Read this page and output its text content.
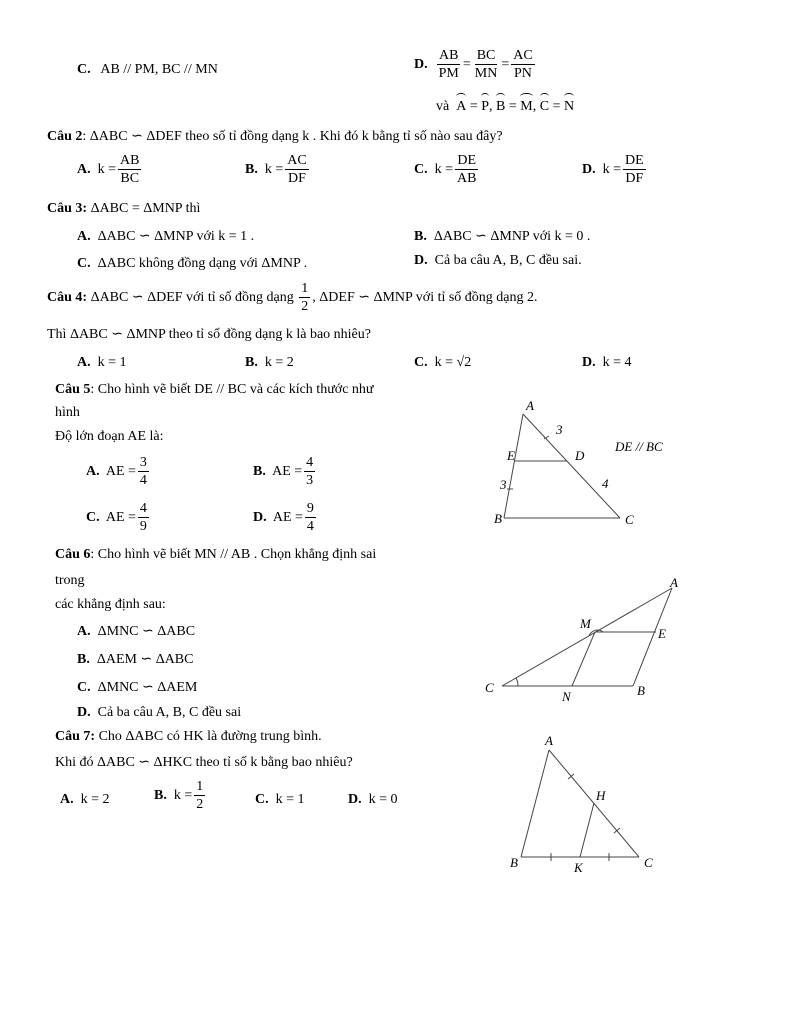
C. AB // PM, BC // MN	D. $\frac{AB}{PM} = \frac{BC}{MN} = \frac{AC}{PN}$
và A = P, B = M, C = N
Câu 2: ΔABC ∽ ΔDEF theo số tỉ đồng dạng k . Khi đó k bằng tỉ số nào sau đây?
A. $k = \frac{AB}{BC}$	B. $k = \frac{AC}{DF}$	C. $k = \frac{DE}{AB}$	D. $k = \frac{DE}{DF}$
Câu 3: ΔABC = ΔMNP thì
A. ΔABC ∽ ΔMNP với k = 1 .	B. ΔABC ∽ ΔMNP với k = 0 .
C. ΔABC không đồng dạng với ΔMNP .	D. Cả ba câu A, B, C đều sai.
Câu 4: ΔABC ∽ ΔDEF với tỉ số đồng dạng $\frac{1}{2}$ , ΔDEF ∽ ΔMNP với tỉ số đồng dạng 2.
Thì ΔABC ∽ ΔMNP theo tỉ số đồng dạng k là bao nhiêu?
A. k = 1	B. k = 2	C. k = √2	D. k = 4
Câu 5: Cho hình vẽ biết DE // BC và các kích thước như
hình
Độ lớn đoạn AE là:
A. AE = $\frac{3}{4}$	B. AE = $\frac{4}{3}$
C. AE = $\frac{4}{9}$	D. AE = $\frac{9}{4}$
A
3
E	D
DE // BC
3	4
B	C
Câu 6: Cho hình vẽ biết MN // AB . Chọn khẳng định sai
trong
các khẳng định sau:
A. ΔMNC ∽ ΔABC
B. ΔAEM ∽ ΔABC
C. ΔMNC ∽ ΔAEM
D. Cả ba câu A, B, C đều sai
A
M
E
C
N	B
Câu 7: Cho ΔABC có HK là đường trung bình.
Khi đó ΔABC ∽ ΔHKC theo tỉ số k bằng bao nhiêu?
A. k = 2	B. $k = \frac{1}{2}$	C. k = 1	D. k = 0
A
H
B	K	C
